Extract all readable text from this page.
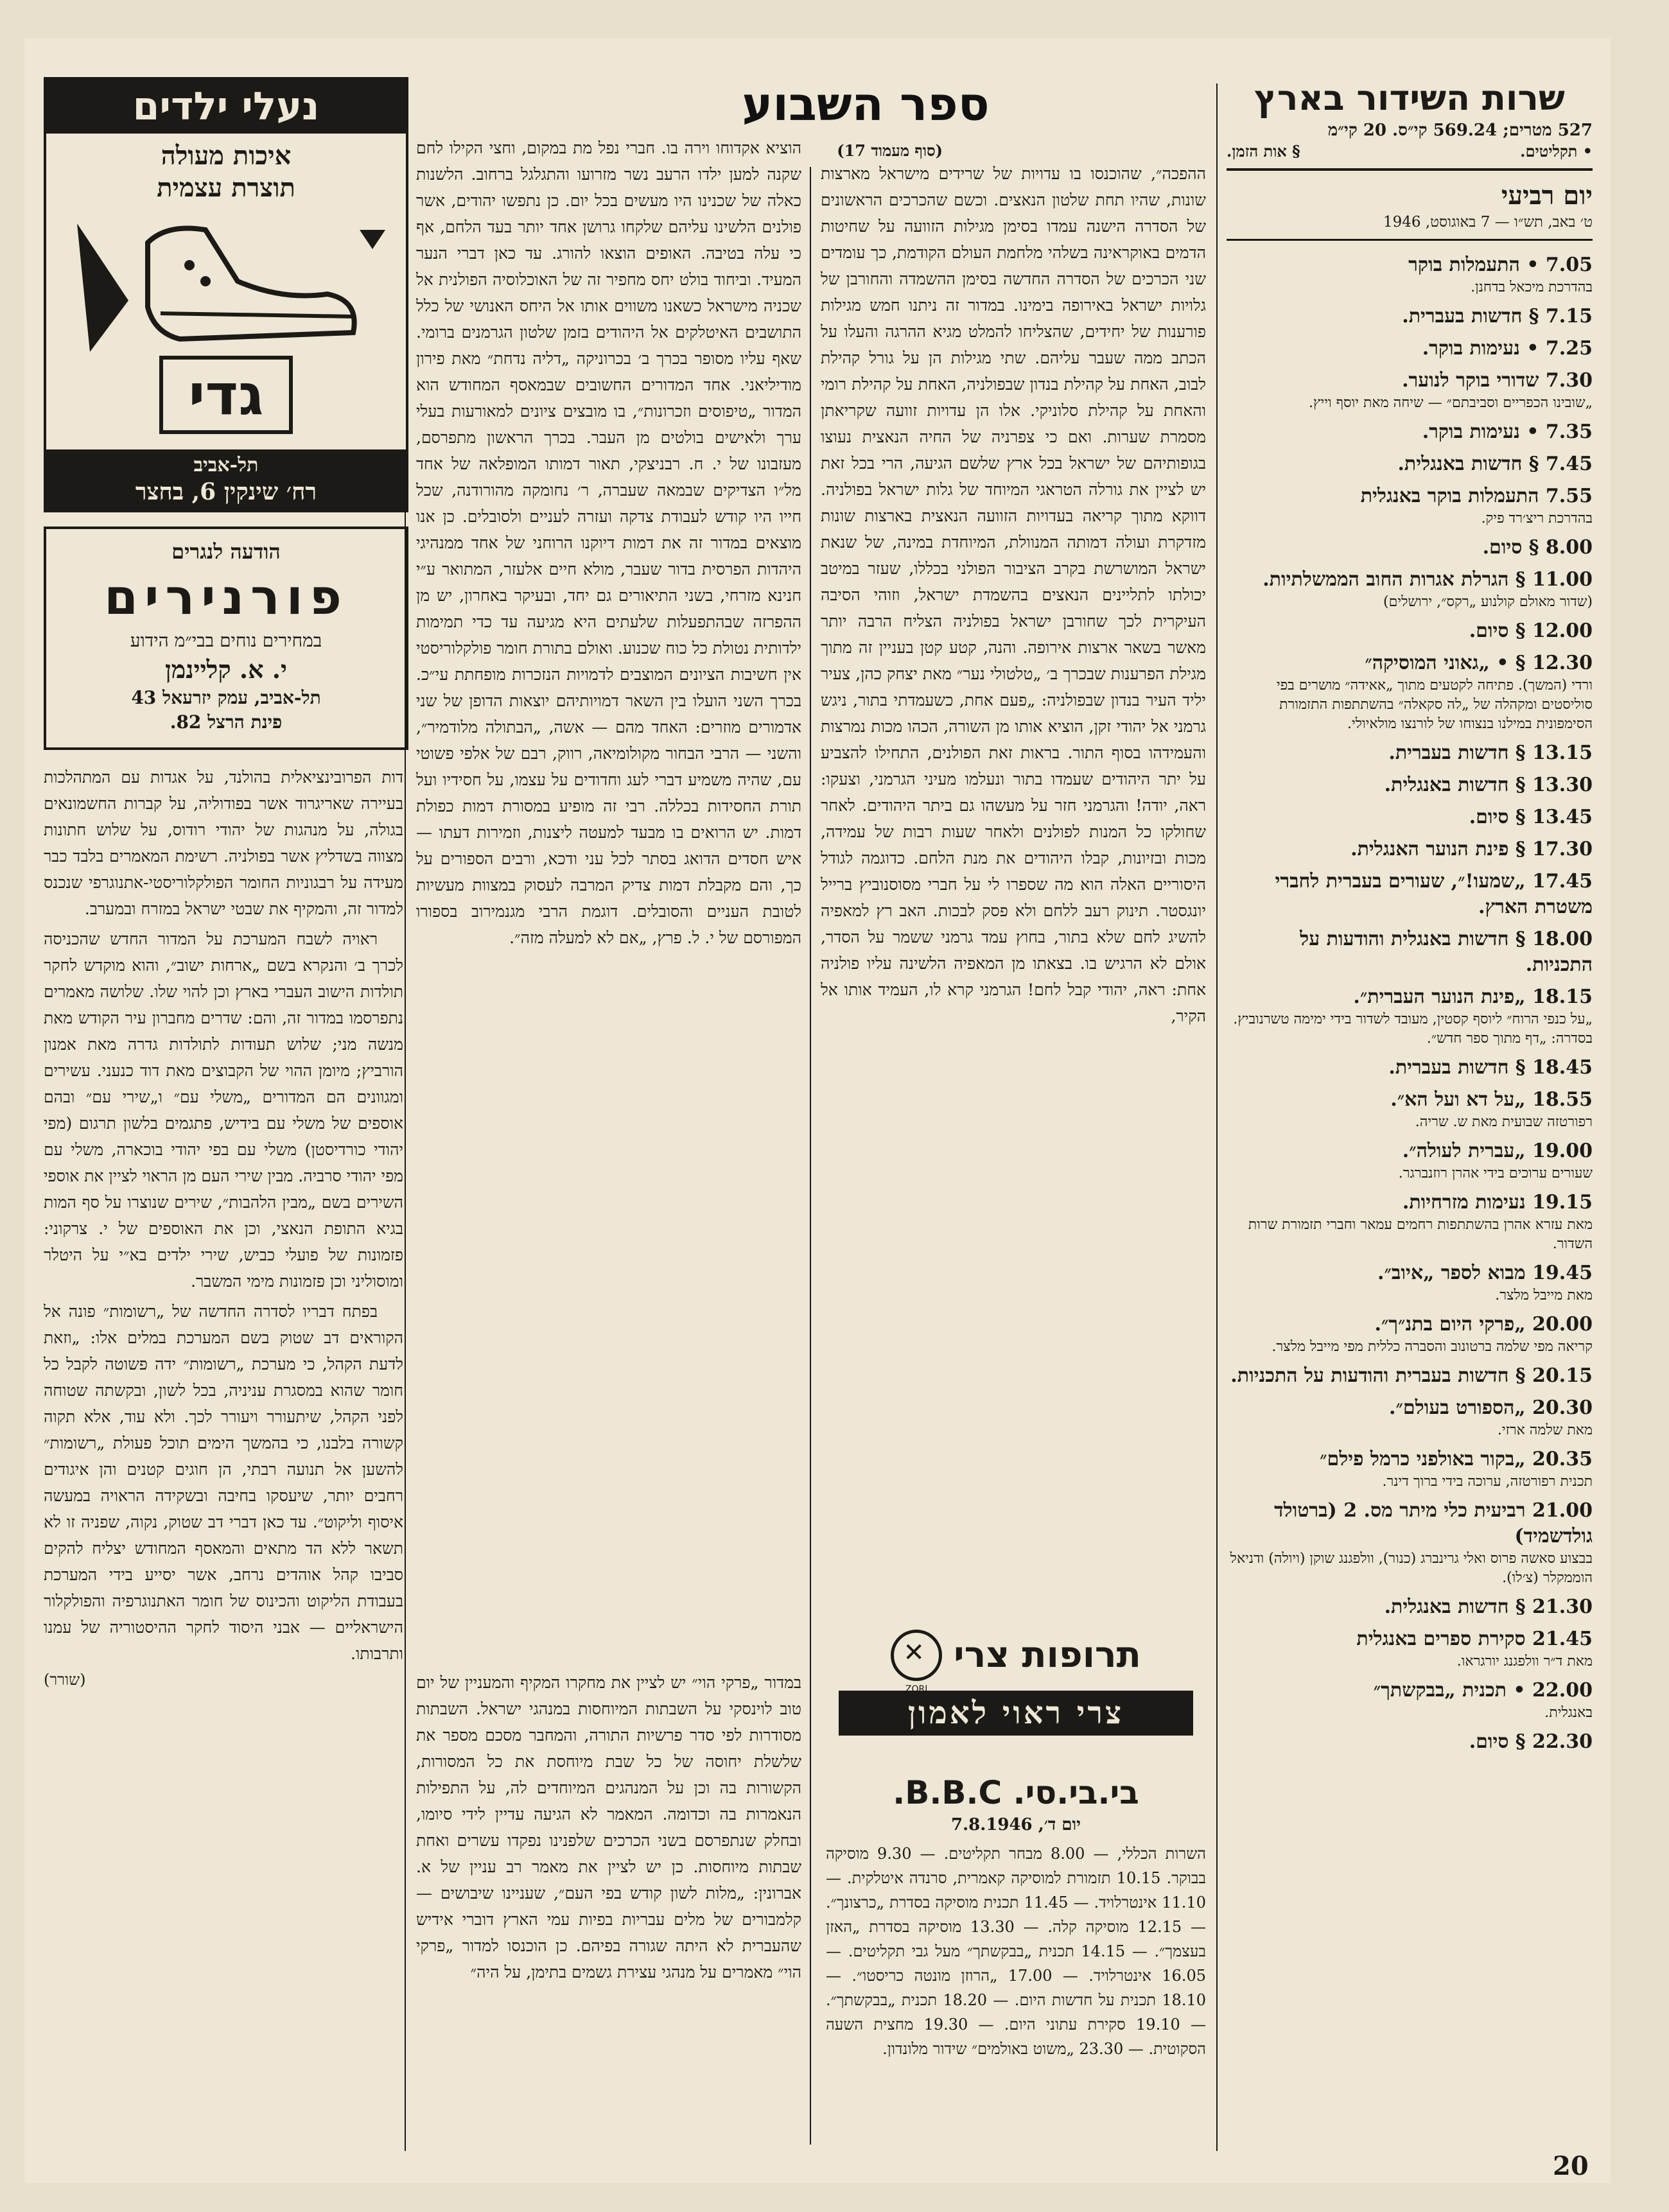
שרות השידור בארץ
527 מטרים; 569.24 קי״ס. 20 קי״מ
• תקליטים.
§ אות הזמן.
יום רביעי
ט׳ באב, תש״ו — 7 באוגוסט, 1946
7.05 • התעמלות בוקר
בהדרכת מיכאל בדחנן.
7.15 § חדשות בעברית.
7.25 • נעימות בוקר.
7.30 שדורי בוקר לנוער.
„שובינו הכפריים וסביבתם״ — שיחה מאת יוסף וייץ.
7.35 • נעימות בוקר.
7.45 § חדשות באנגלית.
7.55 התעמלות בוקר באנגלית
בהדרכת ריצ׳רד פיק.
8.00 § סיום.
11.00 § הגרלת אגרות החוב הממשלתיות.
(שדור מאולם קולנוע „רקס״, ירושלים)
12.00 § סיום.
12.30 § • „גאוני המוסיקה״
ורדי (המשך). פתיחה לקטעים מתוך „אאידה״ מושרים בפי סוליסטים ומקהלה של „לה סקאלה״ בהשתתפות התזמורת הסימפונית במילנו בנצוחו של לורנצו מולאיולי.
13.15 § חדשות בעברית.
13.30 § חדשות באנגלית.
13.45 § סיום.
17.30 § פינת הנוער האנגלית.
17.45 „שמעו!״, שעורים בעברית לחברי משטרת הארץ.
18.00 § חדשות באנגלית והודעות על התכניות.
18.15 „פינת הנוער העברית״.
„על כנפי הרוח״ ליוסף קסטין, מעובד לשדור בידי ימימה טשרנוביץ. בסדרה: „דף מתוך ספר חדש״.
18.45 § חדשות בעברית.
18.55 „על דא ועל הא״.
רפורטזה שבועית מאת ש. שריה.
19.00 „עברית לעולה״.
שעורים ערוכים בידי אהרן רוזנברגר.
19.15 נעימות מזרחיות.
מאת עזרא אהרן בהשתתפות רחמים עמאר וחברי תזמורת שרות השדור.
19.45 מבוא לספר „איוב״.
מאת מייבל מלצר.
20.00 „פרקי היום בתנ״ך״.
קריאה מפי שלמה ברטונוב והסברה כללית מפי מייבל מלצר.
20.15 § חדשות בעברית והודעות על התכניות.
20.30 „הספורט בעולם״.
מאת שלמה ארזי.
20.35 „בקור באולפני כרמל פילם״
תכנית רפורטזה, ערוכה בידי ברוך דינר.
21.00 רביעית כלי מיתר מס. 2 (ברטולד גולדשמיד)
בבצוע סאשה פרוס ואלי גרינברג (כנור), וולפגנג שוקן (ויולה) ודניאל הוממקלר (צ׳לו).
21.30 § חדשות באנגלית.
21.45 סקירת ספרים באנגלית
מאת ד״ר וולפגנג יורגראו.
22.00 • תכנית „בבקשתך״
באנגלית.
22.30 § סיום.
ספר השבוע
(סוף מעמוד 17)

ההפכה״, שהוכנסו בו עדויות של שרידים מישראל מארצות שונות, שהיו תחת שלטון הנאצים. וכשם שהכרכים הראשונים של הסדרה הישנה עמדו בסימן מגילות הזוועה על שחיטות הדמים באוקראינה בשלהי מלחמת העולם הקודמת, כך עומדים שני הכרכים של הסדרה החדשה בסימן ההשמדה והחורבן של גלויות ישראל באירופה בימינו. במדור זה ניתנו חמש מגילות פורענות של יחידים, שהצליחו להמלט מגיא ההרגה והעלו על הכתב ממה שעבר עליהם. שתי מגילות הן על גורל קהילת לבוב, האחת על קהילת בנדון שבפולניה, האחת על קהילת רומי והאחת על קהילת סלוניקי. אלו הן עדויות זוועה שקריאתן מסמרת שערות. ואם כי צפרניה של החיה הנאצית נעוצו בגופותיהם של ישראל בכל ארץ שלשם הגיעה, הרי בכל זאת יש לציין את גורלה הטראגי המיוחד של גלות ישראל בפולניה. דווקא מתוך קריאה בעדויות הזוועה הנאצית בארצות שונות מזדקרת ועולה דמותה המנוולת, המיוחדת במינה, של שנאת ישראל המושרשת בקרב הציבור הפולני בכללו, שעזר במיטב יכולתו לתליינים הנאצים בהשמדת ישראל, וזוהי הסיבה העיקרית לכך שחורבן ישראל בפולניה הצליח הרבה יותר מאשר בשאר ארצות אירופה. והנה, קטע קטן בעניין זה מתוך מגילת הפרענות שבכרך ב׳ „טלטולי נער״ מאת יצחק כהן, צעיר יליד העיר בנדון שבפולניה: „פעם אחת, כשעמדתי בתור, ניגש גרמני אל יהודי זקן, הוציא אותו מן השורה, הכהו מכות נמרצות והעמידהו בסוף התור. בראות זאת הפולנים, התחילו להצביע על יתר היהודים שעמדו בתור ונעלמו מעיני הגרמני, וצעקו: ראה, יודה! והגרמני חזר על מעשהו גם ביתר היהודים. לאחר שחולקו כל המנות לפולנים ולאחר שעות רבות של עמידה, מכות ובזיונות, קבלו היהודים את מנת הלחם. כדוגמה לגודל היסוריים האלה הוא מה שספרו לי על חברי מסוסנוביץ ברייל יונגסטר. תינוק רעב ללחם ולא פסק לבכות. האב רץ למאפיה להשיג לחם שלא בתור, בחוץ עמד גרמני ששמר על הסדר, אולם לא הרגיש בו. בצאתו מן המאפיה הלשינה עליו פולניה אחת: ראה, יהודי קבל לחם! הגרמני קרא לו, העמיד אותו אל הקיר,

הוציא אקדוחו וירה בו. חברי נפל מת במקום, וחצי הקילו לחם שקנה למען ילדו הרעב נשר מזרועו והתגלגל ברחוב. הלשנות כאלה של שכנינו היו מעשים בכל יום. כן נתפשו יהודים, אשר פולנים הלשינו עליהם שלקחו גרושן אחד יותר בעד הלחם, אף כי עלה בטיבה. האופים הוצאו להורג. עד כאן דברי הנער המעיד. וביחוד בולט יחס מחפיר זה של האוכלוסיה הפולנית אל שכניה מישראל כשאנו משווים אותו אל היחס האנושי של כלל התושבים האיטלקים אל היהודים בזמן שלטון הגרמנים ברומי. שאף עליו מסופר בכרך ב׳ בכרוניקה „דליה נדחת״ מאת פירון מודיליאני. אחד המדורים החשובים שבמאסף המחודש הוא המדור „טיפוסים וזכרונות״, בו מובצים ציונים למאורעות בעלי ערך ולאישים בולטים מן העבר. בכרך הראשון מתפרסם, מעזבונו של י. ח. רבניצקי, תאור דמותו המופלאה של אחד מל״ו הצדיקים שבמאה שעברה, ר׳ נחומקה מהורודנה, שכל חייו היו קודש לעבודת צדקה ועזרה לעניים ולסובלים. כן אנו מוצאים במדור זה את דמות דיוקנו הרוחני של אחד ממנהיגי היהדות הפרסית בדור שעבר, מולא חיים אלעזר, המתואר ע״י חנינא מזרחי, בשני התיאורים גם יחד, ובעיקר באחרון, יש מן ההפרזה שבהתפעלות שלעתים היא מגיעה עד כדי תמימות ילדותית נטולת כל כוח שכנוע. ואולם בתורת חומר פולקלוריסטי אין חשיבות הציונים המוצבים לדמויות הנזכרות מופחתת עי״כ. בכרך השני הועלו בין השאר דמויותיהם יוצאות הדופן של שני אדמורים מוזרים: האחד מהם — אשה, „הבתולה מלודמיר״, והשני — הרבי הבחור מקולומיאה, רווק, רבם של אלפי פשוטי עם, שהיה משמיע דברי לעג וחדודים על עצמו, על חסידיו ועל תורת החסידות בכללה. רבי זה מופיע במסורת דמות כפולת דמות. יש הרואים בו מבעד למעטה ליצנות, וזמירות דעתו — איש חסדים הדואג בסתר לכל עני ודכא, ורבים הספורים על כך, והם מקבלת דמות צדיק המרבה לעסוק במצוות מעשיות לטובת העניים והסובלים. דוגמת הרבי מגנמירוב בספורו המפורסם של י. ל. פרץ, „אם לא למעלה מזה״.

במדור „פרקי הוי״ יש לציין את מחקרו המקיף והמעניין של יום טוב לוינסקי על השבתות המיוחסות במנהגי ישראל. השבתות מסודרות לפי סדר פרשיות התורה, והמחבר מסכם מספר את שלשלת יחוסה של כל שבת מיוחסת את כל המסורות, הקשורות בה וכן על המנהגים המיוחדים לה, על התפילות הנאמרות בה וכדומה. המאמר לא הגיעה עדיין לידי סיומו, ובחלק שנתפרסם בשני הכרכים שלפנינו נפקדו עשרים ואחת שבתות מיוחסות. כן יש לציין את מאמר רב עניין של א. אברונין: „מלות לשון קודש בפי העם״, שעניינו שיבושים — קלמבורים של מלים עבריות בפיות עמי הארץ דוברי אידיש שהעברית לא היתה שגורה בפיהם. כן הוכנסו למדור „פרקי הוי״ מאמרים על מנהגי עצירת גשמים בתימן, על היה״

תרופות צרי
✕
ZORI
צרי ראוי לאמון
בי.בי.סי. B.B.C.
יום ד׳, 7.8.1946

השרות הכללי, — 8.00 מבחר תקליטים. — 9.30 מוסיקה בבוקר. 10.15 תזמורת למוסיקה קאמרית, סרנדה איטלקית. — 11.10 אינטרלויד. — 11.45 תכנית מוסיקה בסדרת „כרצונך״. — 12.15 מוסיקה קלה. — 13.30 מוסיקה בסדרת „האזן בעצמך״. — 14.15 תכנית „בבקשתך״ מעל גבי תקליטים. — 16.05 אינטרלויד. — 17.00 „הרוזן מונטה כריסטו״. — 18.10 תכנית על חדשות היום. — 18.20 תכנית „בבקשתך״. — 19.10 סקירת עתוני היום. — 19.30 מחצית השעה הסקוטית. — 23.30 „משוט באולמים״ שידור מלונדון.

נעלי ילדים
איכות מעולה
תוצרת עצמית
גדי
תל-אביב
רח׳ שינקין 6, בחצר
הודעה לנגרים
פורנירים
במחירים נוחים בבי״מ הידוע
י. א. קליינמן
תל-אביב, עמק יזרעאל 43
פינת הרצל 82.

דות הפרובינציאלית בהולנד, על אגדות עם המתהלכות בעיירה שאריגרוד אשר בפודוליה, על קברות החשמונאים בגולה, על מנהגות של יהודי רודוס, על שלוש חתונות מצווה בשדליץ אשר בפולניה. רשימת המאמרים בלבד כבר מעידה על רבגוניות החומר הפולקלוריסטי-אתנוגרפי שנכנס למדור זה, והמקיף את שבטי ישראל במזרח ובמערב.

ראויה לשבח המערכת על המדור החדש שהכניסה לכרך ב׳ והנקרא בשם „ארחות ישוב״, והוא מוקדש לחקר תולדות הישוב העברי בארץ וכן להוי שלו. שלושה מאמרים נתפרסמו במדור זה, והם: שדרים מחברון עיר הקודש מאת מנשה מני; שלוש תעודות לתולדות גדרה מאת אמנון הורביץ; מיומן ההוי של הקבוצים מאת דוד כנעני. עשירים ומגוונים הם המדורים „משלי עם״ ו„שירי עם״ ובהם אוספים של משלי עם בידיש, פתגמים בלשון תרגום (מפי יהודי כורדיסטן) משלי עם בפי יהודי בוכארה, משלי עם מפי יהודי סרביה. מבין שירי העם מן הראוי לציין את אוספי השירים בשם „מבין הלהבות״, שירים שנוצרו על סף המות בגיא התופת הנאצי, וכן את האוספים של י. צרקוני: פזמונות של פועלי כביש, שירי ילדים בא״י על היטלר ומוסוליני וכן פזמונות מימי המשבר.

בפתח דבריו לסדרה החדשה של „רשומות״ פונה אל הקוראים דב שטוק בשם המערכת במלים אלו: „וזאת לדעת הקהל, כי מערכת „רשומות״ ידה פשוטה לקבל כל חומר שהוא במסגרת עניניה, בכל לשון, ובקשתה שטוחה לפני הקהל, שיתעורר ויעורר לכך. ולא עוד, אלא תקוה קשורה בלבנו, כי בהמשך הימים תוכל פעולת „רשומות״ להשען אל תנועה רבתי, הן חוגים קטנים והן איגודים רחבים יותר, שיעסקו בחיבה ובשקידה הראויה במעשה איסוף וליקוט״. עד כאן דברי דב שטוק, נקוה, שפניה זו לא תשאר ללא הד מתאים והמאסף המחודש יצליח להקים סביבו קהל אוהדים נרחב, אשר יסייע בידי המערכת בעבודת הליקוט והכינוס של חומר האתנוגרפיה והפולקלור הישראליים — אבני היסוד לחקר ההיסטוריה של עמנו ותרבותו.

(שורר)
20
